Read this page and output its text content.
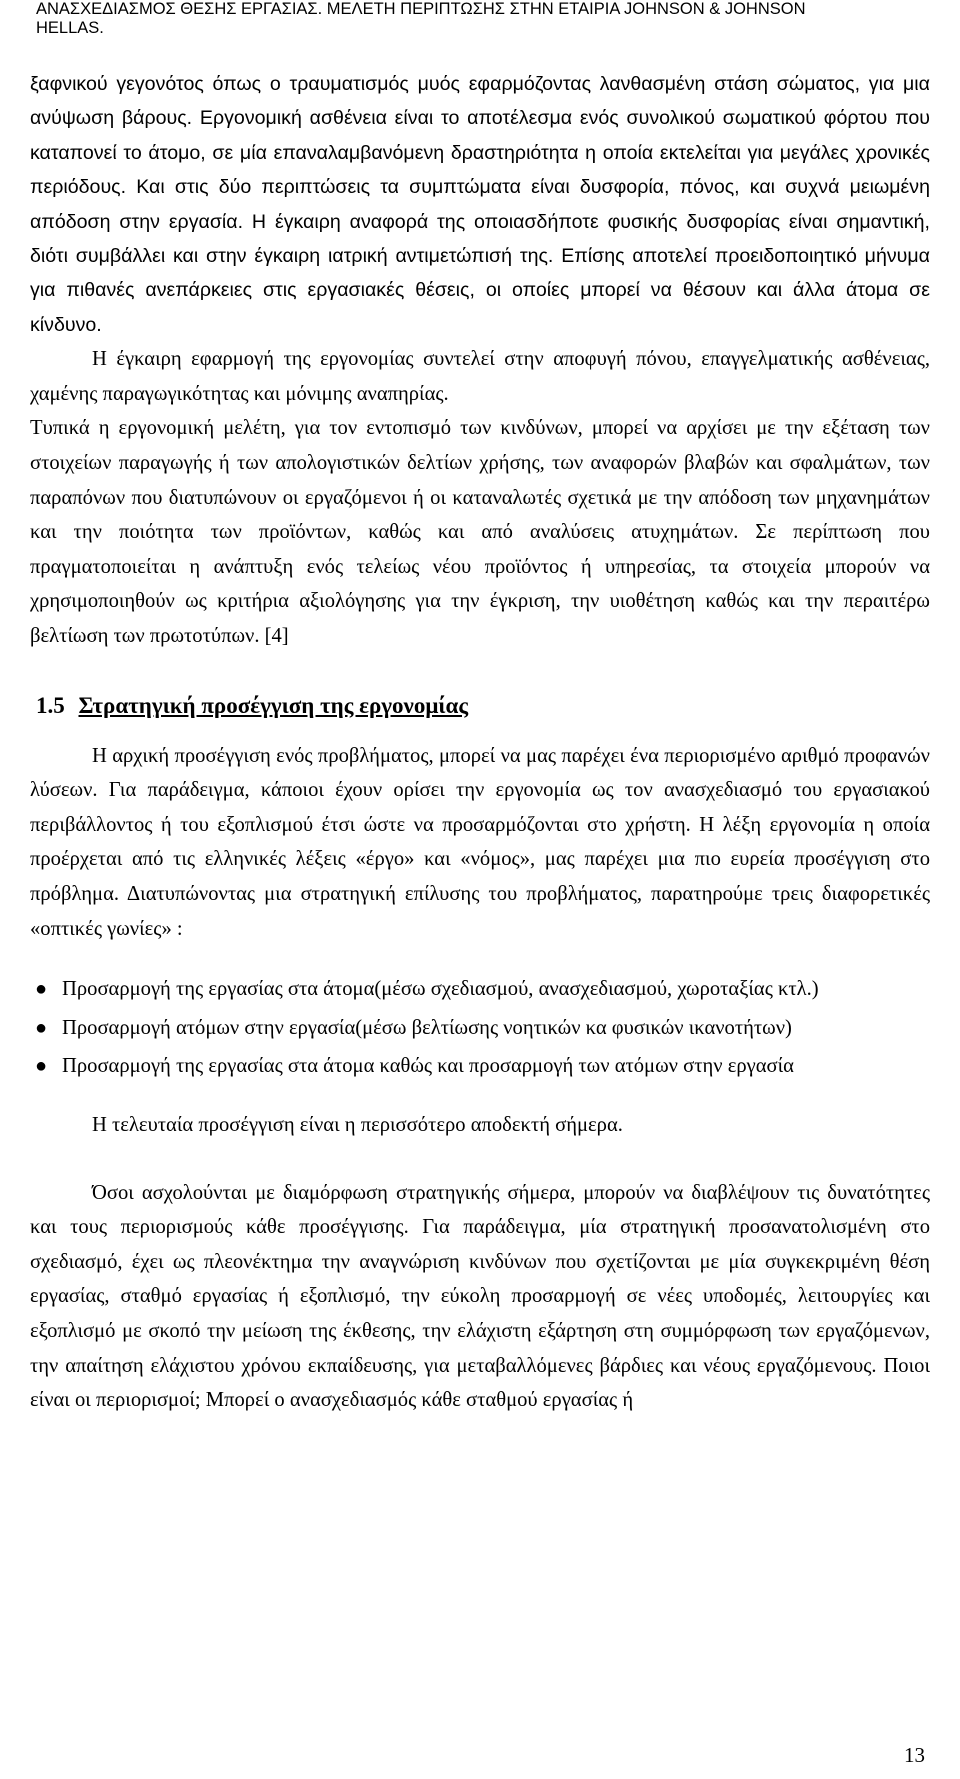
ΑΝΑΣΧΕΔΙΑΣΜΟΣ ΘΕΣΗΣ ΕΡΓΑΣΙΑΣ. ΜΕΛΕΤΗ ΠΕΡΙΠΤΩΣΗΣ ΣΤΗΝ ΕΤΑΙΡΙΑ JOHNSON & JOHNSON
HELLAS.

ξαφνικού γεγονότος όπως ο τραυματισμός μυός εφαρμόζοντας λανθασμένη στάση σώματος, για μια ανύψωση βάρους. Εργονομική ασθένεια είναι το αποτέλεσμα ενός συνολικού σωματικού φόρτου που καταπονεί το άτομο, σε μία επαναλαμβανόμενη δραστηριότητα η οποία εκτελείται για μεγάλες χρονικές περιόδους. Και στις δύο περιπτώσεις τα συμπτώματα είναι δυσφορία, πόνος, και συχνά μειωμένη απόδοση στην εργασία. Η έγκαιρη αναφορά της οποιασδήποτε φυσικής δυσφορίας είναι σημαντική, διότι συμβάλλει και στην έγκαιρη ιατρική αντιμετώπισή της. Επίσης αποτελεί προειδοποιητικό μήνυμα για πιθανές ανεπάρκειες στις εργασιακές θέσεις, οι οποίες μπορεί να θέσουν και άλλα άτομα σε κίνδυνο.

Η έγκαιρη εφαρμογή της εργονομίας συντελεί στην αποφυγή πόνου, επαγγελματικής ασθένειας, χαμένης παραγωγικότητας και μόνιμης αναπηρίας.

Τυπικά η εργονομική μελέτη, για τον εντοπισμό των κινδύνων, μπορεί να αρχίσει με την εξέταση των στοιχείων παραγωγής ή των απολογιστικών δελτίων χρήσης, των αναφορών βλαβών και σφαλμάτων, των παραπόνων που διατυπώνουν οι εργαζόμενοι ή οι καταναλωτές σχετικά με την απόδοση των μηχανημάτων και την ποιότητα των προϊόντων, καθώς και από αναλύσεις ατυχημάτων. Σε περίπτωση που πραγματοποιείται η ανάπτυξη ενός τελείως νέου προϊόντος ή υπηρεσίας, τα στοιχεία μπορούν να χρησιμοποιηθούν ως κριτήρια αξιολόγησης για την έγκριση, την υιοθέτηση καθώς και την περαιτέρω βελτίωση των πρωτοτύπων. [4]

1.5 Στρατηγική προσέγγιση της εργονομίας

Η αρχική προσέγγιση ενός προβλήματος, μπορεί να μας παρέχει ένα περιορισμένο αριθμό προφανών λύσεων. Για παράδειγμα, κάποιοι έχουν ορίσει την εργονομία ως τον ανασχεδιασμό του εργασιακού περιβάλλοντος ή του εξοπλισμού έτσι ώστε να προσαρμόζονται στο χρήστη. Η λέξη εργονομία η οποία προέρχεται από τις ελληνικές λέξεις «έργο» και «νόμος», μας παρέχει μια πιο ευρεία προσέγγιση στο πρόβλημα. Διατυπώνοντας μια στρατηγική επίλυσης του προβλήματος, παρατηρούμε τρεις διαφορετικές «οπτικές γωνίες» :

● Προσαρμογή της εργασίας στα άτομα(μέσω σχεδιασμού, ανασχεδιασμού, χωροταξίας κτλ.)
● Προσαρμογή ατόμων στην εργασία(μέσω βελτίωσης νοητικών κα φυσικών ικανοτήτων)
● Προσαρμογή της εργασίας στα άτομα καθώς και προσαρμογή των ατόμων στην εργασία

Η τελευταία προσέγγιση είναι η περισσότερο αποδεκτή σήμερα.

Όσοι ασχολούνται με διαμόρφωση στρατηγικής σήμερα, μπορούν να διαβλέψουν τις δυνατότητες και τους περιορισμούς κάθε προσέγγισης. Για παράδειγμα, μία στρατηγική προσανατολισμένη στο σχεδιασμό, έχει ως πλεονέκτημα την αναγνώριση κινδύνων που σχετίζονται με μία συγκεκριμένη θέση εργασίας, σταθμό εργασίας ή εξοπλισμό, την εύκολη προσαρμογή σε νέες υποδομές, λειτουργίες και εξοπλισμό με σκοπό την μείωση της έκθεσης, την ελάχιστη εξάρτηση στη συμμόρφωση των εργαζόμενων, την απαίτηση ελάχιστου χρόνου εκπαίδευσης, για μεταβαλλόμενες βάρδιες και νέους εργαζόμενους. Ποιοι είναι οι περιορισμοί; Μπορεί ο ανασχεδιασμός κάθε σταθμού εργασίας ή

13
